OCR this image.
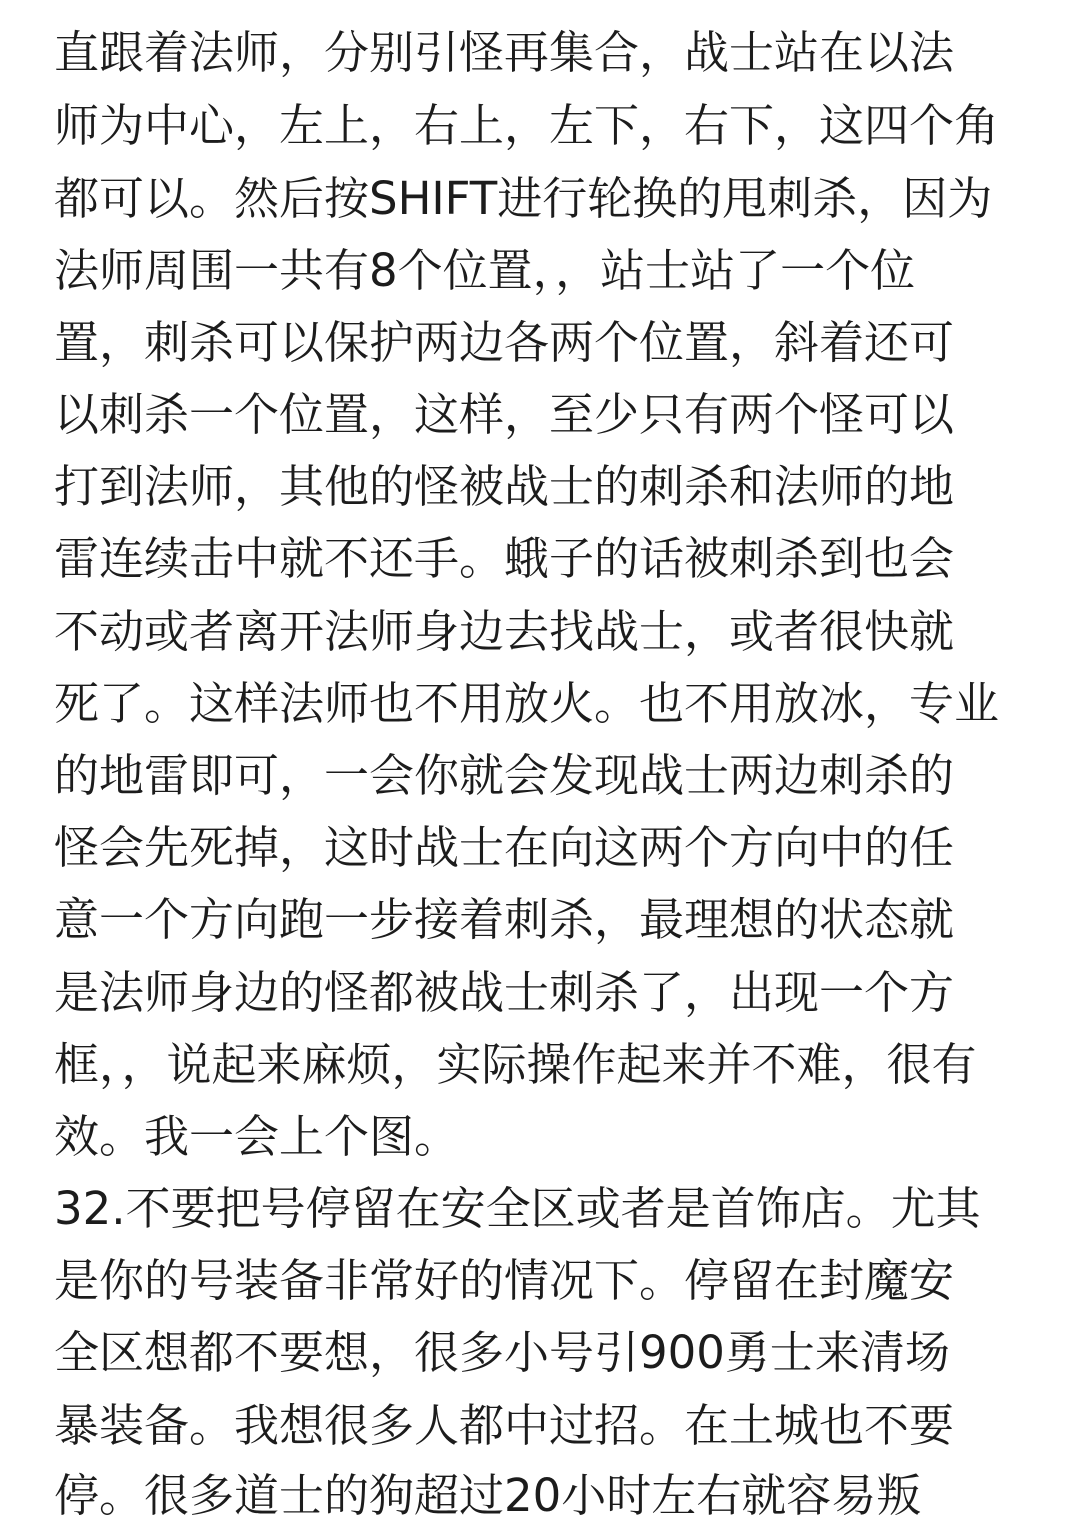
直跟着法师，分别引怪再集合，战士站在以法
师为中心，左上，右上，左下，右下，这四个角
都可以。然后按SHIFT进行轮换的甩刺杀，因为
法师周围一共有8个位置，，站士站了一个位
置，刺杀可以保护两边各两个位置，斜着还可
以刺杀一个位置，这样，至少只有两个怪可以
打到法师，其他的怪被战士的刺杀和法师的地
雷连续击中就不还手。蛾子的话被刺杀到也会
不动或者离开法师身边去找战士，或者很快就
死了。这样法师也不用放火。也不用放冰，专业
的地雷即可，一会你就会发现战士两边刺杀的
怪会先死掉，这时战士在向这两个方向中的任
意一个方向跑一步接着刺杀，最理想的状态就
是法师身边的怪都被战士刺杀了，出现一个方
框，，说起来麻烦，实际操作起来并不难，很有
效。我一会上个图。
32.不要把号停留在安全区或者是首饰店。尤其
是你的号装备非常好的情况下。停留在封魔安
全区想都不要想，很多小号引900勇士来清场
暴装备。我想很多人都中过招。在土城也不要
停。很多道士的狗超过20小时左右就容易叛
